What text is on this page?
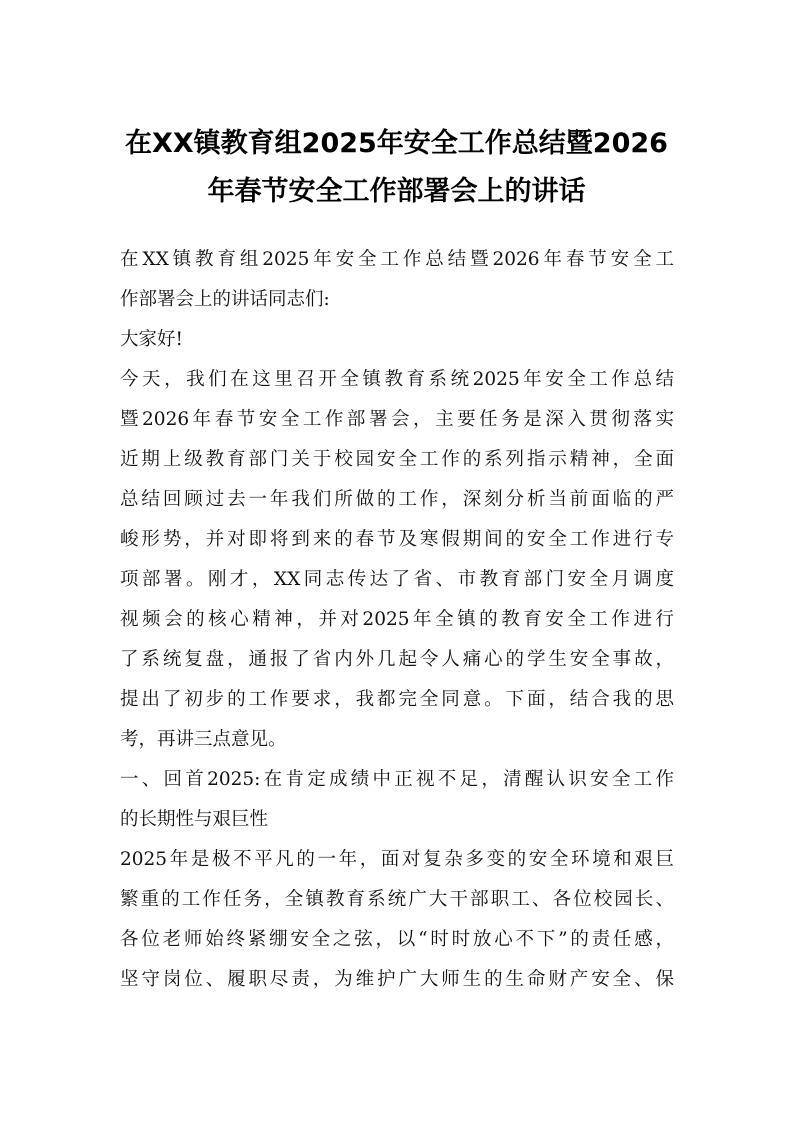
在XX镇教育组2025年安全工作总结暨2026
年春节安全工作部署会上的讲话
在XX镇教育组2025年安全工作总结暨2026年春节安全工
作部署会上的讲话同志们:
大家好!
今天，我们在这里召开全镇教育系统2025年安全工作总结
暨2026年春节安全工作部署会，主要任务是深入贯彻落实
近期上级教育部门关于校园安全工作的系列指示精神，全面
总结回顾过去一年我们所做的工作，深刻分析当前面临的严
峻形势，并对即将到来的春节及寒假期间的安全工作进行专
项部署。刚才，XX同志传达了省、市教育部门安全月调度
视频会的核心精神，并对2025年全镇的教育安全工作进行
了系统复盘，通报了省内外几起令人痛心的学生安全事故，
提出了初步的工作要求，我都完全同意。下面，结合我的思
考，再讲三点意见。
一、回首2025:在肯定成绩中正视不足，清醒认识安全工作
的长期性与艰巨性
2025年是极不平凡的一年，面对复杂多变的安全环境和艰巨
繁重的工作任务，全镇教育系统广大干部职工、各位校园长、
各位老师始终紧绷安全之弦，以“时时放心不下”的责任感，
坚守岗位、履职尽责，为维护广大师生的生命财产安全、保
